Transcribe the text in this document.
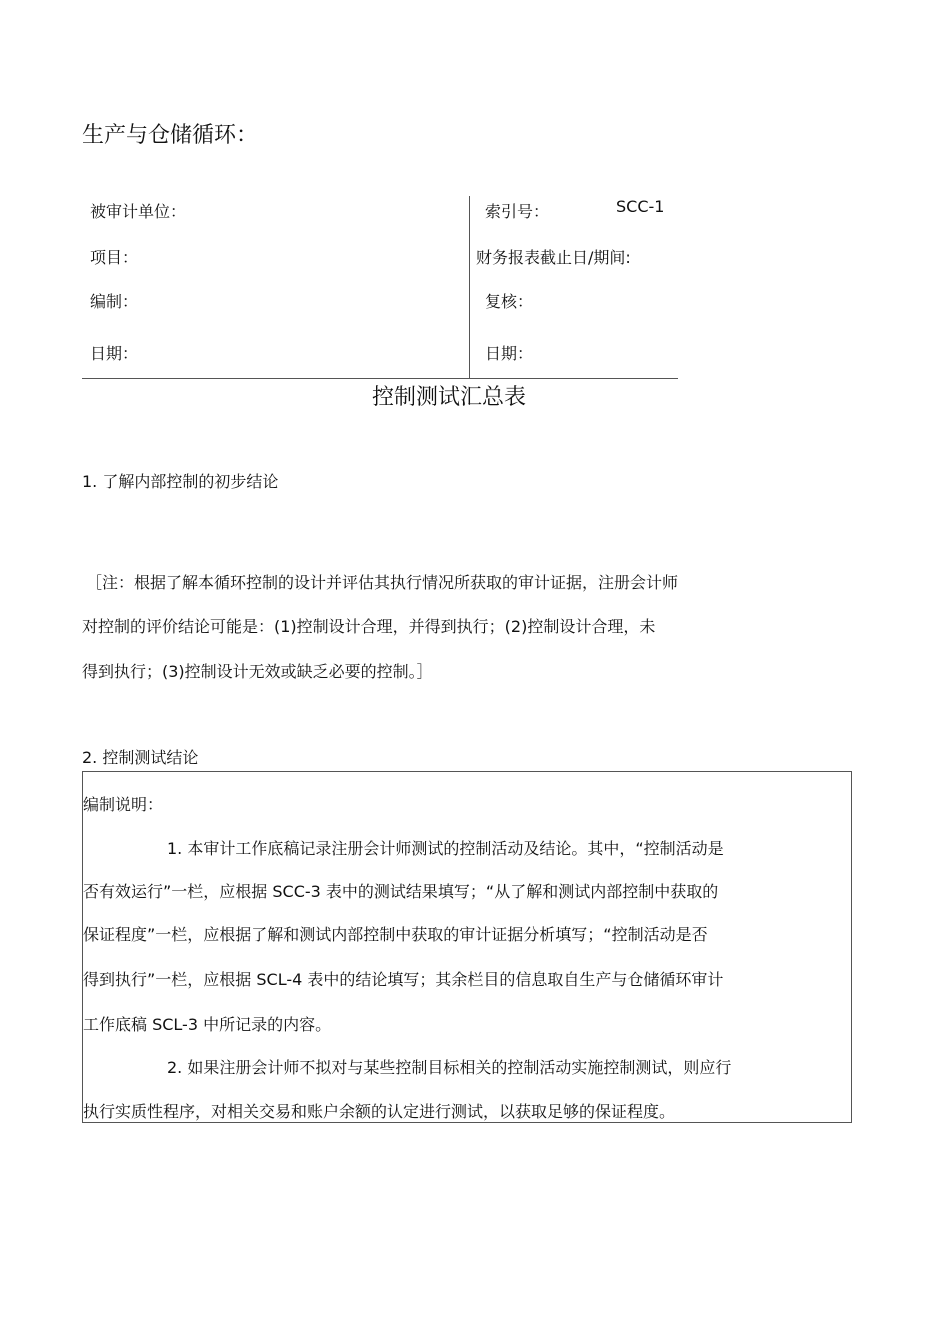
生产与仓储循环：
被审计单位：	索引号：	SCC-1
项目：	财务报表截止日/期间:
编制：	复核：
日期：	日期：
控制测试汇总表
1. 了解内部控制的初步结论
［注：根据了解本循环控制的设计并评估其执行情况所获取的审计证据，注册会计师
对控制的评价结论可能是：(1)控制设计合理，并得到执行；(2)控制设计合理，未
得到执行；(3)控制设计无效或缺乏必要的控制。］
2. 控制测试结论
编制说明：
1. 本审计工作底稿记录注册会计师测试的控制活动及结论。其中，“控制活动是
否有效运行”一栏，应根据 SCC-3 表中的测试结果填写；“从了解和测试内部控制中获取的
保证程度”一栏，应根据了解和测试内部控制中获取的审计证据分析填写；“控制活动是否
得到执行”一栏，应根据 SCL-4 表中的结论填写；其余栏目的信息取自生产与仓储循环审计
工作底稿 SCL-3 中所记录的内容。
2. 如果注册会计师不拟对与某些控制目标相关的控制活动实施控制测试，则应行
执行实质性程序，对相关交易和账户余额的认定进行测试，以获取足够的保证程度。
